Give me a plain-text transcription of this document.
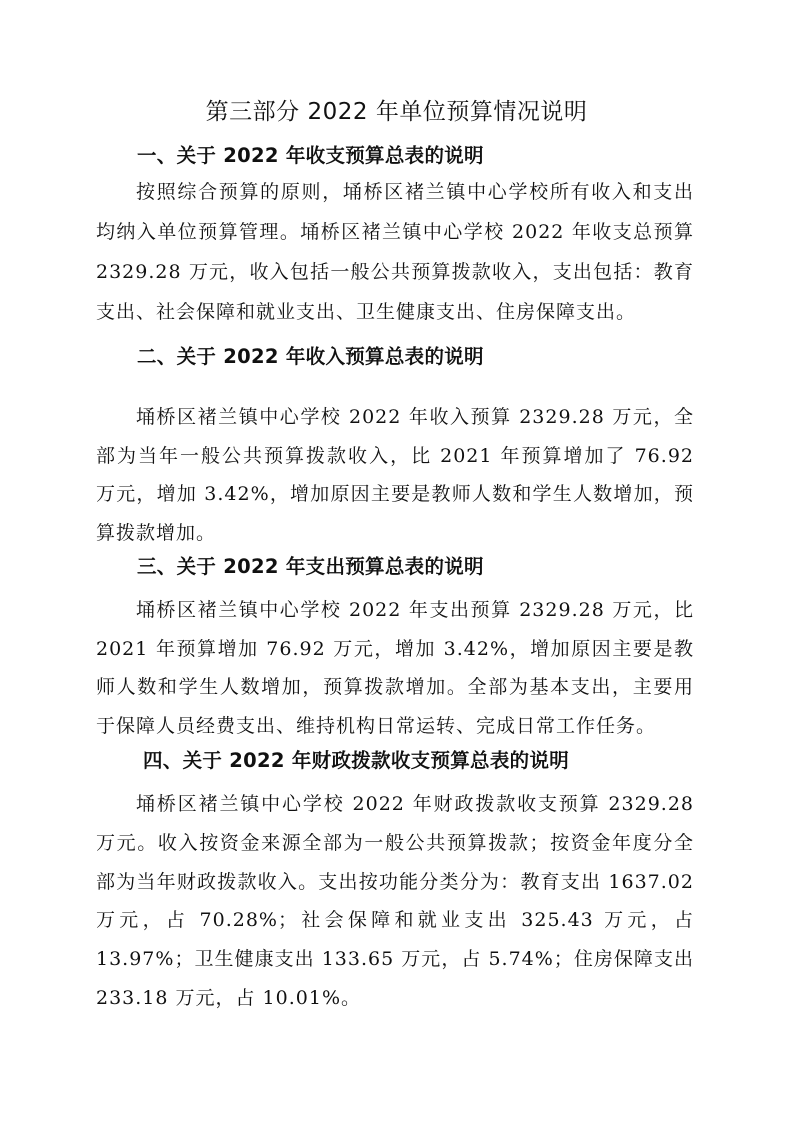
第三部分 2022 年单位预算情况说明
一、关于 2022 年收支预算总表的说明

按照综合预算的原则，埇桥区褚兰镇中心学校所有收入和支出均纳入单位预算管理。埇桥区褚兰镇中心学校 2022 年收支总预算 2329.28 万元，收入包括一般公共预算拨款收入，支出包括：教育支出、社会保障和就业支出、卫生健康支出、住房保障支出。

二、关于 2022 年收入预算总表的说明

埇桥区褚兰镇中心学校 2022 年收入预算 2329.28 万元，全部为当年一般公共预算拨款收入，比 2021 年预算增加了 76.92 万元，增加 3.42%，增加原因主要是教师人数和学生人数增加，预算拨款增加。

三、关于 2022 年支出预算总表的说明

埇桥区褚兰镇中心学校 2022 年支出预算 2329.28 万元，比 2021 年预算增加 76.92 万元，增加 3.42%，增加原因主要是教师人数和学生人数增加，预算拨款增加。全部为基本支出，主要用于保障人员经费支出、维持机构日常运转、完成日常工作任务。

四、关于 2022 年财政拨款收支预算总表的说明

埇桥区褚兰镇中心学校 2022 年财政拨款收支预算 2329.28 万元。收入按资金来源全部为一般公共预算拨款；按资金年度分全部为当年财政拨款收入。支出按功能分类分为：教育支出 1637.02 万元，占 70.28%；社会保障和就业支出 325.43 万元，占 13.97%；卫生健康支出 133.65 万元，占 5.74%；住房保障支出 233.18 万元，占 10.01%。
